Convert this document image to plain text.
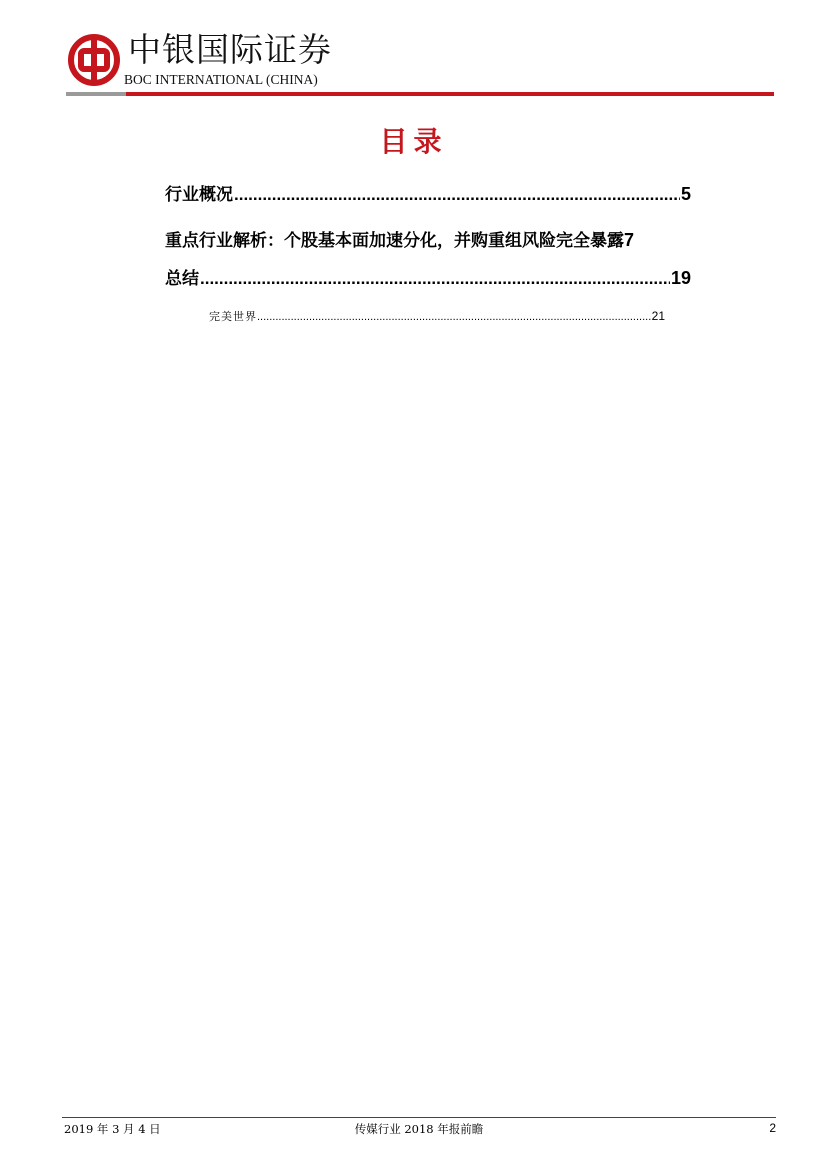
中银国际证券
BOC INTERNATIONAL (CHINA)
目录
行业概况 .....	5
重点行业解析：个股基本面加速分化，并购重组风险完全暴露 7
总结 .....	19
完美世界 .....	21
2019 年 3 月 4 日	传媒行业 2018 年报前瞻	2
